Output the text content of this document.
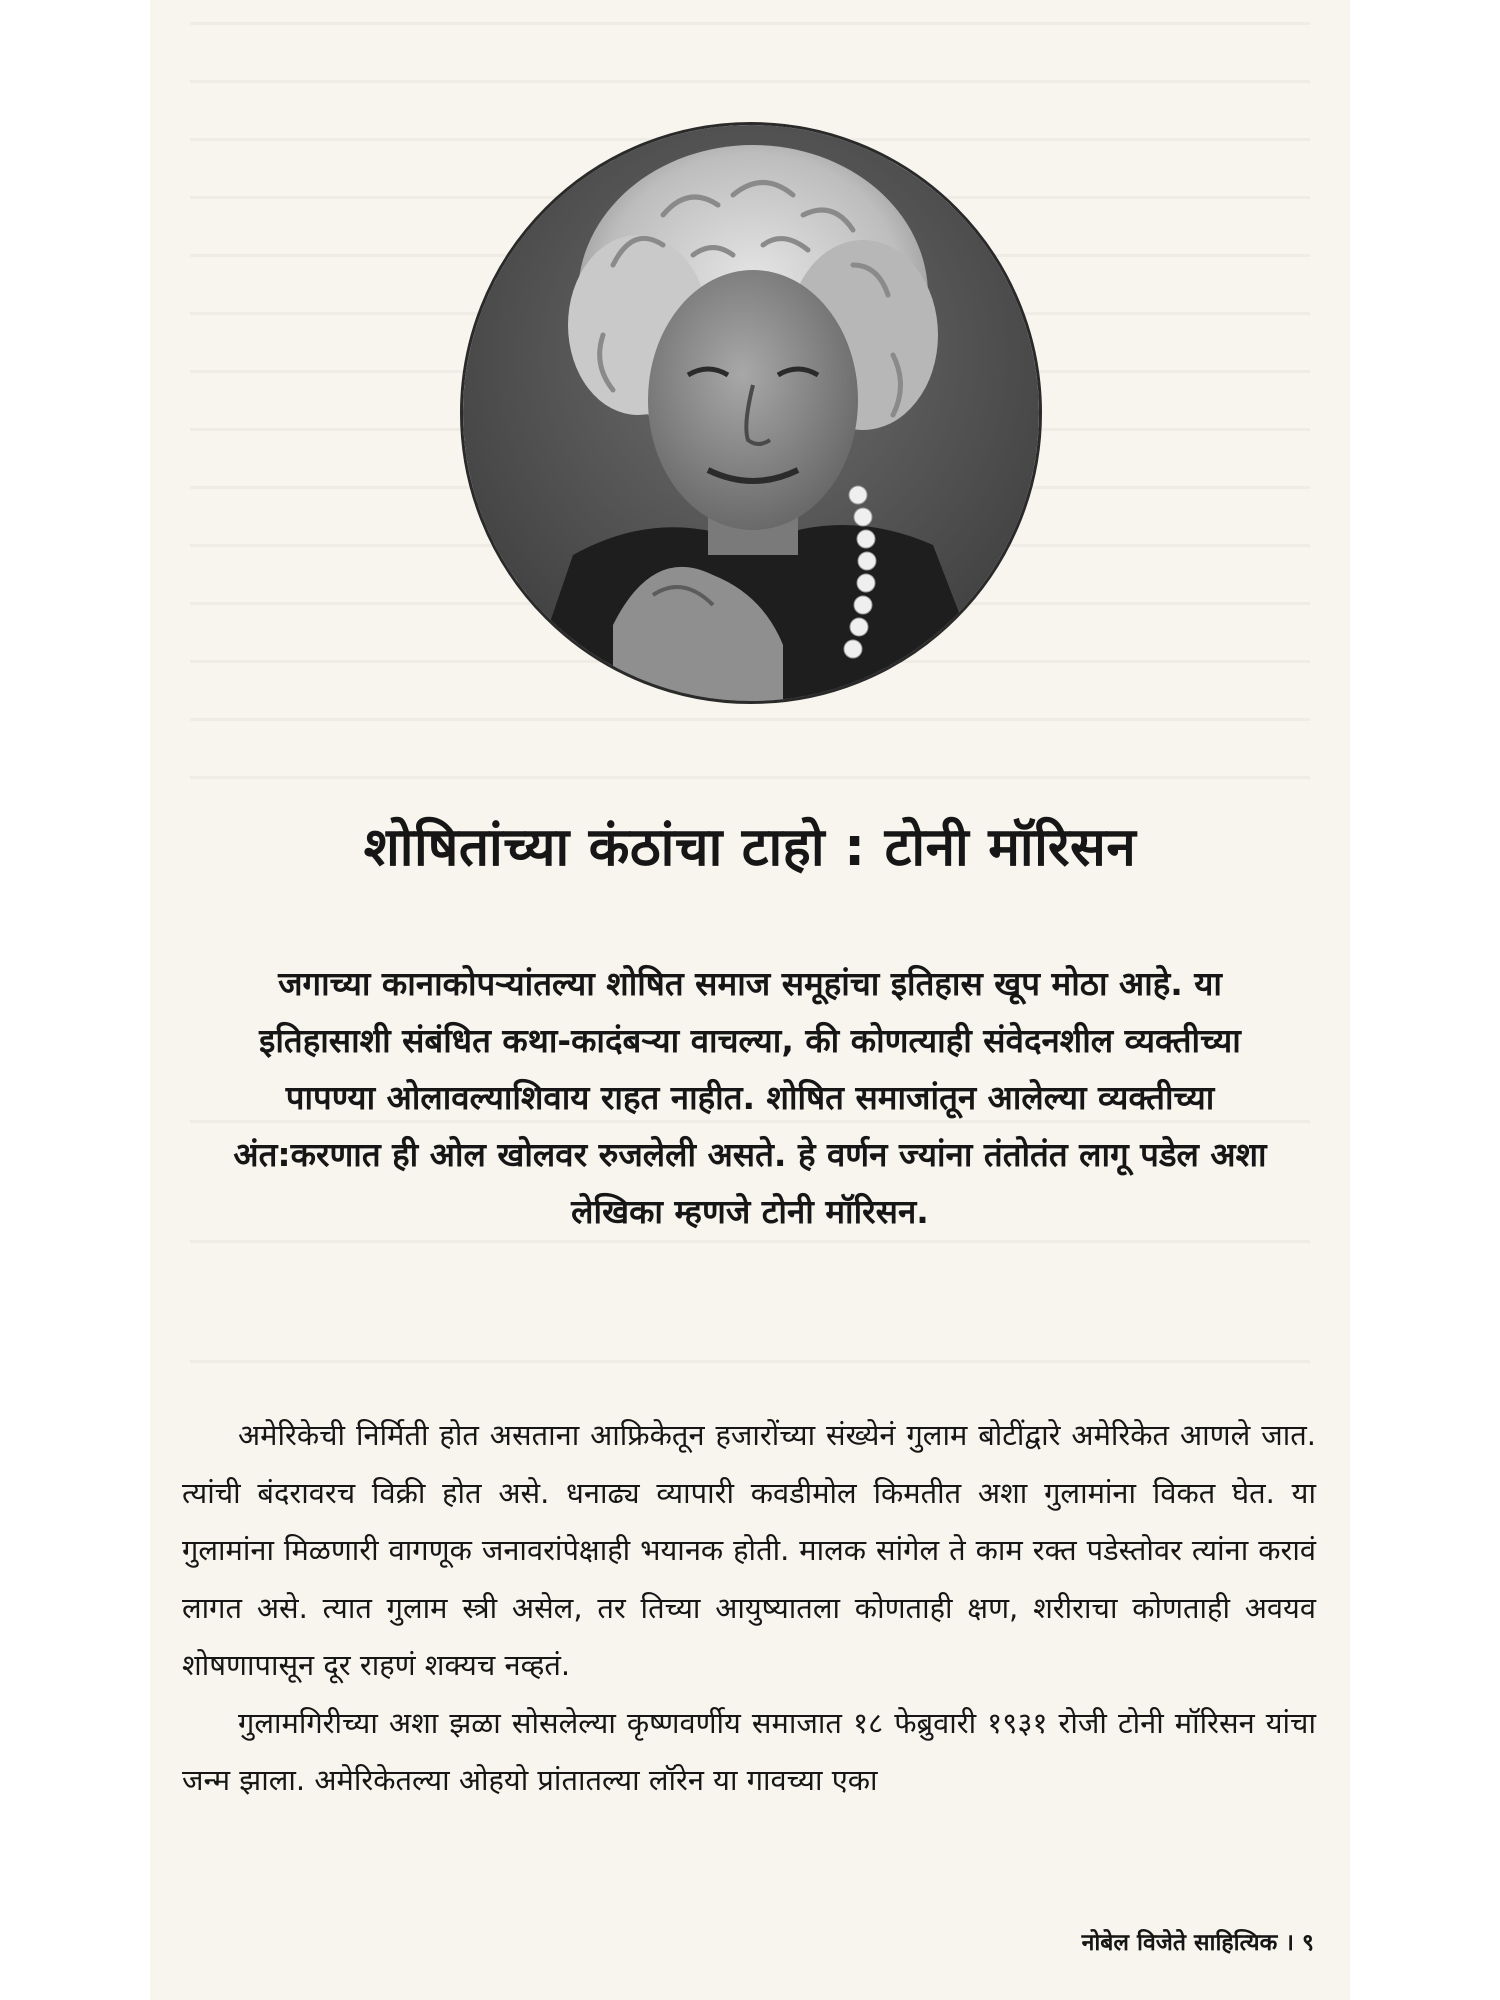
शोषितांच्या कंठांचा टाहो : टोनी मॉरिसन
जगाच्या कानाकोपऱ्यांतल्या शोषित समाज समूहांचा इतिहास खूप मोठा आहे. या इतिहासाशी संबंधित कथा-कादंबऱ्या वाचल्या, की कोणत्याही संवेदनशील व्यक्तीच्या पापण्या ओलावल्याशिवाय राहत नाहीत. शोषित समाजांतून आलेल्या व्यक्तीच्या अंत:करणात ही ओल खोलवर रुजलेली असते. हे वर्णन ज्यांना तंतोतंत लागू पडेल अशा लेखिका म्हणजे टोनी मॉरिसन.

अमेरिकेची निर्मिती होत असताना आफ्रिकेतून हजारोंच्या संख्येनं गुलाम बोटींद्वारे अमेरिकेत आणले जात. त्यांची बंदरावरच विक्री होत असे. धनाढ्य व्यापारी कवडीमोल किमतीत अशा गुलामांना विकत घेत. या गुलामांना मिळणारी वागणूक जनावरांपेक्षाही भयानक होती. मालक सांगेल ते काम रक्त पडेस्तोवर त्यांना करावं लागत असे. त्यात गुलाम स्त्री असेल, तर तिच्या आयुष्यातला कोणताही क्षण, शरीराचा कोणताही अवयव शोषणापासून दूर राहणं शक्यच नव्हतं.

गुलामगिरीच्या अशा झळा सोसलेल्या कृष्णवर्णीय समाजात १८ फेब्रुवारी १९३१ रोजी टोनी मॉरिसन यांचा जन्म झाला. अमेरिकेतल्या ओहयो प्रांतातल्या लॉरेन या गावच्या एका

नोबेल विजेते साहित्यिक । ९
